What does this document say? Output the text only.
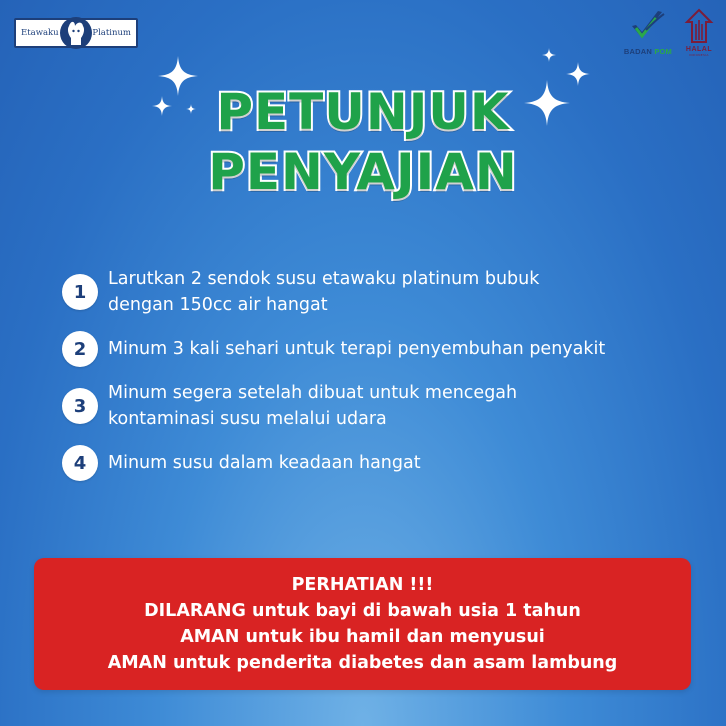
Etawaku	Platinum
BADAN POM HALAL
INDONESIA
PETUNJUK
PENYAJIAN
1
Larutkan 2 sendok susu etawaku platinum bubuk
dengan 150cc air hangat
2	Minum 3 kali sehari untuk terapi penyembuhan penyakit
3
Minum segera setelah dibuat untuk mencegah
kontaminasi susu melalui udara
4	Minum susu dalam keadaan hangat
PERHATIAN !!!
DILARANG untuk bayi di bawah usia 1 tahun
AMAN untuk ibu hamil dan menyusui
AMAN untuk penderita diabetes dan asam lambung
